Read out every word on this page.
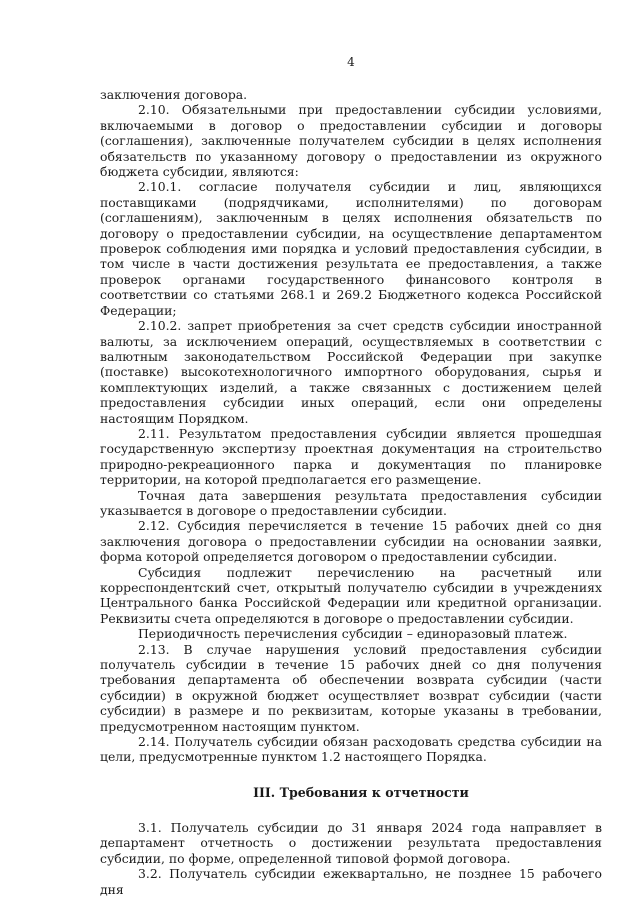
4

заключения договора.

2.10. Обязательными при предоставлении субсидии условиями, включаемыми в договор о предоставлении субсидии и договоры (соглашения), заключенные получателем субсидии в целях исполнения обязательств по указанному договору о предоставлении из окружного бюджета субсидии, являются:

2.10.1. согласие получателя субсидии и лиц, являющихся поставщиками (подрядчиками, исполнителями) по договорам (соглашениям), заключенным в целях исполнения обязательств по договору о предоставлении субсидии, на осуществление департаментом проверок соблюдения ими порядка и условий предоставления субсидии, в том числе в части достижения результата ее предоставления, а также проверок органами государственного финансового контроля в соответствии со статьями 268.1 и 269.2 Бюджетного кодекса Российской Федерации;

2.10.2. запрет приобретения за счет средств субсидии иностранной валюты, за исключением операций, осуществляемых в соответствии с валютным законодательством Российской Федерации при закупке (поставке) высокотехнологичного импортного оборудования, сырья и комплектующих изделий, а также связанных с достижением целей предоставления субсидии иных операций, если они определены настоящим Порядком.

2.11. Результатом предоставления субсидии является прошедшая государственную экспертизу проектная документация на строительство природно-рекреационного парка и документация по планировке территории, на которой предполагается его размещение.

Точная дата завершения результата предоставления субсидии указывается в договоре о предоставлении субсидии.

2.12. Субсидия перечисляется в течение 15 рабочих дней со дня заключения договора о предоставлении субсидии на основании заявки, форма которой определяется договором о предоставлении субсидии.

Субсидия подлежит перечислению на расчетный или корреспондентский счет, открытый получателю субсидии в учреждениях Центрального банка Российской Федерации или кредитной организации. Реквизиты счета определяются в договоре о предоставлении субсидии.

Периодичность перечисления субсидии – единоразовый платеж.

2.13. В случае нарушения условий предоставления субсидии получатель субсидии в течение 15 рабочих дней со дня получения требования департамента об обеспечении возврата субсидии (части субсидии) в окружной бюджет осуществляет возврат субсидии (части субсидии) в размере и по реквизитам, которые указаны в требовании, предусмотренном настоящим пунктом.

2.14. Получатель субсидии обязан расходовать средства субсидии на цели, предусмотренные пунктом 1.2 настоящего Порядка.

III. Требования к отчетности

3.1. Получатель субсидии до 31 января 2024 года направляет в департамент отчетность о достижении результата предоставления субсидии, по форме, определенной типовой формой договора.

3.2. Получатель субсидии ежеквартально, не позднее 15 рабочего дня
